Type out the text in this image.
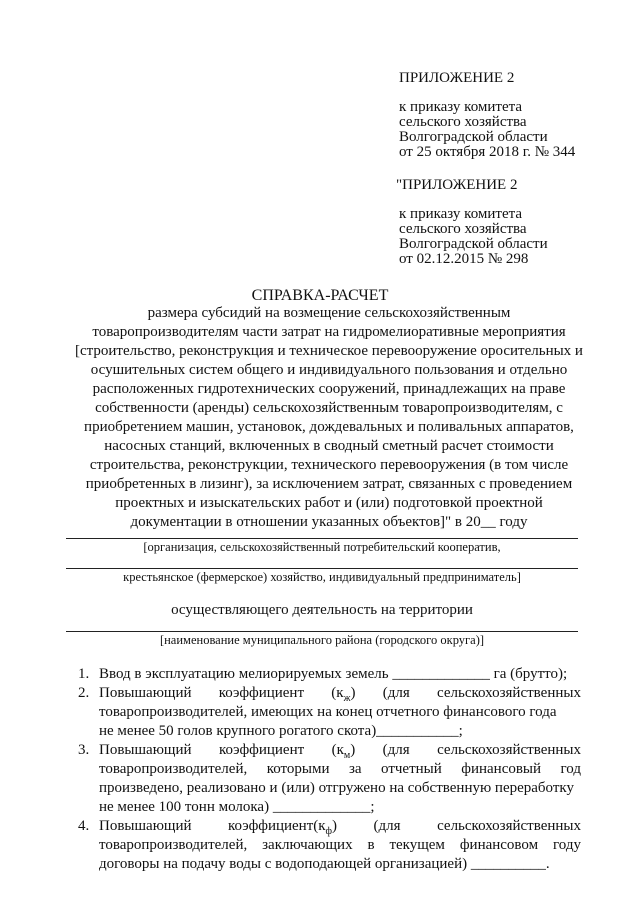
ПРИЛОЖЕНИЕ 2
к приказу комитета
сельского хозяйства
Волгоградской области
от 25 октября 2018 г. № 344
"ПРИЛОЖЕНИЕ 2
к приказу комитета
сельского хозяйства
Волгоградской области
от 02.12.2015 № 298
СПРАВКА-РАСЧЕТ
размера субсидий на возмещение сельскохозяйственным
товаропроизводителям части затрат на гидромелиоративные мероприятия
[строительство, реконструкция и техническое перевооружение оросительных и
осушительных систем общего и индивидуального пользования и отдельно
расположенных гидротехнических сооружений, принадлежащих на праве
собственности (аренды) сельскохозяйственным товаропроизводителям, с
приобретением машин, установок, дождевальных и поливальных аппаратов,
насосных станций, включенных в сводный сметный расчет стоимости
строительства, реконструкции, технического перевооружения (в том числе
приобретенных в лизинг), за исключением затрат, связанных с проведением
проектных и изыскательских работ и (или) подготовкой проектной
документации в отношении указанных объектов]" в 20__ году
[организация, сельскохозяйственный потребительский кооператив,
крестьянское (фермерское) хозяйство, индивидуальный предприниматель]
осуществляющего деятельность на территории
[наименование муниципального района (городского округа)]
1. Ввод в эксплуатацию мелиорируемых земель _____________ га (брутто);
2. Повышающий коэффициент $(к_ж)$ (для сельскохозяйственных
товаропроизводителей, имеющих на конец отчетного финансового года
не менее 50 голов крупного рогатого скота)___________;
3. Повышающий коэффициент $(к_м)$ (для сельскохозяйственных
товаропроизводителей, которыми за отчетный финансовый год
произведено, реализовано и (или) отгружено на собственную переработку
не менее 100 тонн молока) _____________;
4. Повышающий $коэффициент(к_ф)$ (для сельскохозяйственных
товаропроизводителей, заключающих в текущем финансовом году
договоры на подачу воды с водоподающей организацией) __________.
